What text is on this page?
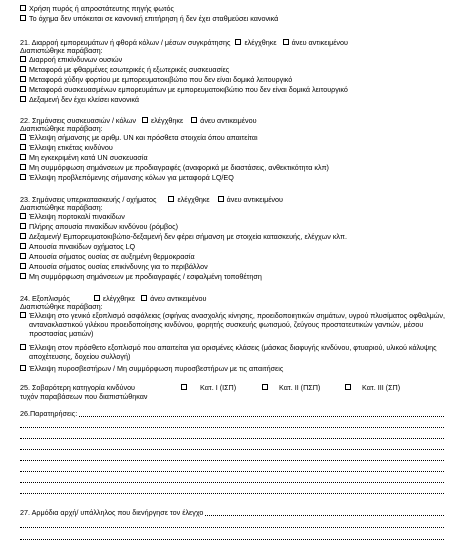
Χρήση πυρός ή απροστάτευτης πηγής φωτός
Το όχημα δεν υπόκειται σε κανονική επιτήρηση ή δεν έχει σταθμεύσει κανονικά
21. Διαρροή εμπορευμάτων ή φθορά κόλων / μέσων συγκράτησης ελέγχθηκε άνευ αντικειμένου
Διαπιστώθηκε παράβαση:
Διαρροή επικίνδυνων ουσιών
Μεταφορά με φθαρμένες εσωτερικές ή εξωτερικές συσκευασίες
Μεταφορά χύδην φορτίου με εμπορευματοκιβώτιο που δεν είναι δομικά λειτουργικό
Μεταφορά συσκευασμένων εμπορευμάτων με εμπορευματοκιβώτιο που δεν είναι δομικά λειτουργικό
Δεξαμενή δεν έχει κλείσει κανονικά
22. Σημάνσεις συσκευασιών / κόλων ελέγχθηκε άνευ αντικειμένου
Διαπιστώθηκε παράβαση:
Έλλειψη σήμανσης με αριθμ. UN και πρόσθετα στοιχεία όπου απαιτείται
Έλλειψη ετικέτας κινδύνου
Μη εγκεκριμένη κατά UN συσκευασία
Μη συμμόρφωση σημάνσεων με προδιαγραφές (αναφορικά με διαστάσεις, ανθεκτικότητα κλπ)
Έλλειψη προβλεπόμενης σήμανσης κόλων για μεταφορά LQ/EQ
23. Σημάνσεις υπερκατασκευής / οχήματος	ελέγχθηκε άνευ αντικειμένου
Διαπιστώθηκε παράβαση:
Έλλειψη πορτοκαλί πινακίδων
Πλήρης απουσία πινακίδων κινδύνου (ρόμβος)
Δεξαμενή/ Εμπορευματοκιβώτιο-δεξαμενή δεν φέρει σήμανση με στοιχεία κατασκευής, ελέγχων κλπ.
Απουσία πινακίδων οχήματος LQ
Απουσία σήματος ουσίας σε αυξημένη θερμοκρασία
Απουσία σήματος ουσίας επικίνδυνης για το περιβάλλον
Μη συμμόρφωση σημάνσεων με προδιαγραφές / εσφαλμένη τοποθέτηση
24. Εξοπλισμός	ελέγχθηκε άνευ αντικειμένου
Διαπιστώθηκε παράβαση:
Έλλειψη στο γενικό εξοπλισμό ασφάλειας (σφήνας ανασχολής κίνησης, προειδοποιητικών σημάτων, υγρού πλυσίματος οφθαλμών, αντανακλαστικού γιλέκου προειδοποίησης κινδύνου, φορητής συσκευής φωτισμού, ζεύγους προστατευτικών γαντιών, μέσου προστασίας ματιών)
Έλλειψη στον πρόσθετο εξοπλισμό που απαιτείται για ορισμένες κλάσεις (μάσκας διαφυγής κινδύνου, φτυαριού, υλικού κάλυψης αποχέτευσης, δοχείου συλλογή)
Έλλειψη πυροσβεστήρων / Μη συμμόρφωση πυροσβεστήρων με τις απαιτήσεις
25. Σοβαρότερη κατηγορία κινδύνου
τυχόν παραβάσεων που διαπιστώθηκαν
Κατ. I (ΙΣΠ)	Κατ. II (ΠΣΠ)	Κατ. III (ΣΠ)
26.Παρατηρήσεις:
27. Αρμόδια αρχή/ υπάλληλος που διενήργησε τον έλεγχο
